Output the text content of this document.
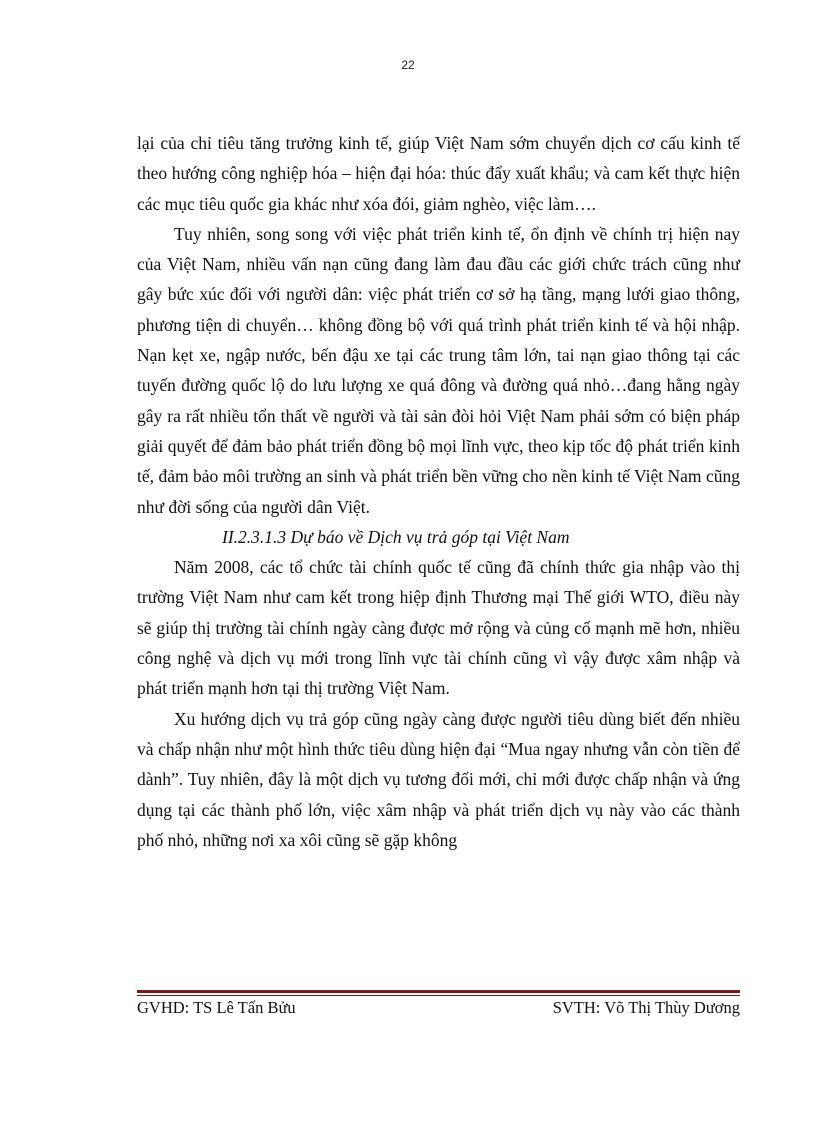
22

lại của chỉ tiêu tăng trưởng kinh tế, giúp Việt Nam sớm chuyển dịch cơ cấu kinh tế theo hướng công nghiệp hóa – hiện đại hóa: thúc đẩy xuất khẩu; và cam kết thực hiện các mục tiêu quốc gia khác như xóa đói, giảm nghèo, việc làm….

Tuy nhiên, song song với việc phát triển kinh tế, ổn định về chính trị hiện nay của Việt Nam, nhiều vấn nạn cũng đang làm đau đầu các giới chức trách cũng như gây bức xúc đối với người dân: việc phát triển cơ sở hạ tầng, mạng lưới giao thông, phương tiện di chuyển… không đồng bộ với quá trình phát triển kinh tế và hội nhập. Nạn kẹt xe, ngập nước, bến đậu xe tại các trung tâm lớn, tai nạn giao thông tại các tuyến đường quốc lộ do lưu lượng xe quá đông và đường quá nhỏ…đang hằng ngày gây ra rất nhiều tổn thất về người và tài sản đòi hỏi Việt Nam phải sớm có biện pháp giải quyết để đảm bảo phát triển đồng bộ mọi lĩnh vực, theo kịp tốc độ phát triển kinh tế, đảm bảo môi trường an sinh và phát triển bền vững cho nền kinh tế Việt Nam cũng như đời sống của người dân Việt.

II.2.3.1.3 Dự báo về Dịch vụ trả góp tại Việt Nam

Năm 2008, các tổ chức tài chính quốc tế cũng đã chính thức gia nhập vào thị trường Việt Nam như cam kết trong hiệp định Thương mại Thế giới WTO, điều này sẽ giúp thị trường tài chính ngày càng được mở rộng và củng cố mạnh mẽ hơn, nhiều công nghệ và dịch vụ mới trong lĩnh vực tài chính cũng vì vậy được xâm nhập và phát triển mạnh hơn tại thị trường Việt Nam.

Xu hướng dịch vụ trả góp cũng ngày càng được người tiêu dùng biết đến nhiều và chấp nhận như một hình thức tiêu dùng hiện đại “Mua ngay nhưng vẫn còn tiền để dành”. Tuy nhiên, đây là một dịch vụ tương đối mới, chỉ mới được chấp nhận và ứng dụng tại các thành phố lớn, việc xâm nhập và phát triển dịch vụ này vào các thành phố nhỏ, những nơi xa xôi cũng sẽ gặp không

GVHD: TS Lê Tấn Bửu	SVTH: Võ Thị Thùy Dương
